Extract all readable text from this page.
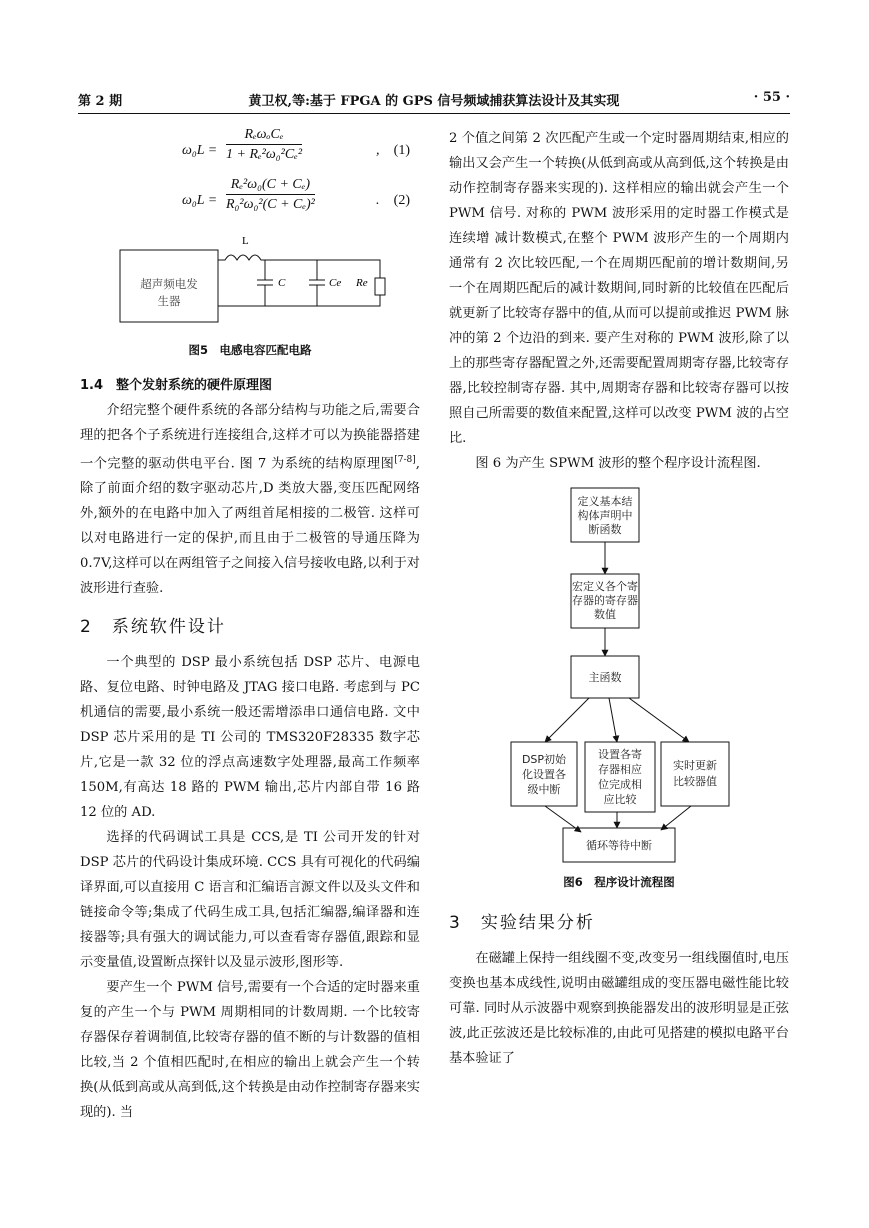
第 2 期	黄卫权,等:基于 FPGA 的 GPS 信号频域捕获算法设计及其实现	· 55 ·
ω₀L =
RₑωₒCₑ
1 + Rₑ²ω₀²Cₑ²	, (1)
$\omega_0L = \frac{\text{Rₑ²ω₀(C + Cₑ)}}{\text{R₀²ω₀²(C + Cₑ)²}}$	. (2)
L
超声频电发
生器
C	Ce Re
图5　电感电容匹配电路
1.4　整个发射系统的硬件原理图

介绍完整个硬件系统的各部分结构与功能之后,需要合理的把各个子系统进行连接组合,这样才可以为换能器搭建一个完整的驱动供电平台. 图 7 为系统的结构原理图[7-8],除了前面介绍的数字驱动芯片,D 类放大器,变压匹配网络外,额外的在电路中加入了两组首尾相接的二极管. 这样可以对电路进行一定的保护,而且由于二极管的导通压降为 0.7V,这样可以在两组管子之间接入信号接收电路,以利于对波形进行查验.

2　系统软件设计

一个典型的 DSP 最小系统包括 DSP 芯片、电源电路、复位电路、时钟电路及 JTAG 接口电路. 考虑到与 PC 机通信的需要,最小系统一般还需增添串口通信电路. 文中 DSP 芯片采用的是 TI 公司的 TMS320F28335 数字芯片,它是一款 32 位的浮点高速数字处理器,最高工作频率 150M,有高达 18 路的 PWM 输出,芯片内部自带 16 路 12 位的 AD.

选择的代码调试工具是 CCS,是 TI 公司开发的针对 DSP 芯片的代码设计集成环境. CCS 具有可视化的代码编译界面,可以直接用 C 语言和汇编语言源文件以及头文件和链接命令等;集成了代码生成工具,包括汇编器,编译器和连接器等;具有强大的调试能力,可以查看寄存器值,跟踪和显示变量值,设置断点探针以及显示波形,图形等.

要产生一个 PWM 信号,需要有一个合适的定时器来重复的产生一个与 PWM 周期相同的计数周期. 一个比较寄存器保存着调制值,比较寄存器的值不断的与计数器的值相比较,当 2 个值相匹配时,在相应的输出上就会产生一个转换(从低到高或从高到低,这个转换是由动作控制寄存器来实现的). 当

2 个值之间第 2 次匹配产生或一个定时器周期结束,相应的输出又会产生一个转换(从低到高或从高到低,这个转换是由动作控制寄存器来实现的). 这样相应的输出就会产生一个 PWM 信号. 对称的 PWM 波形采用的定时器工作模式是连续增 减计数模式,在整个 PWM 波形产生的一个周期内通常有 2 次比较匹配,一个在周期匹配前的增计数期间,另一个在周期匹配后的减计数期间,同时新的比较值在匹配后就更新了比较寄存器中的值,从而可以提前或推迟 PWM 脉冲的第 2 个边沿的到来. 要产生对称的 PWM 波形,除了以上的那些寄存器配置之外,还需要配置周期寄存器,比较寄存器,比较控制寄存器. 其中,周期寄存器和比较寄存器可以按照自己所需要的数值来配置,这样可以改变 PWM 波的占空比.

图 6 为产生 SPWM 波形的整个程序设计流程图.

定义基本结
构体声明中
断函数
宏定义各个寄
存器的寄存器
数值
主函数
DSP初始
化设置各
级中断
设置各寄
存器相应
位完成相
应比较
实时更新
比较器值
循环等待中断
图6　程序设计流程图
3　实验结果分析

在磁罐上保持一组线圈不变,改变另一组线圈值时,电压变换也基本成线性,说明由磁罐组成的变压器电磁性能比较可靠. 同时从示波器中观察到换能器发出的波形明显是正弦波,此正弦波还是比较标准的,由此可见搭建的模拟电路平台基本验证了
